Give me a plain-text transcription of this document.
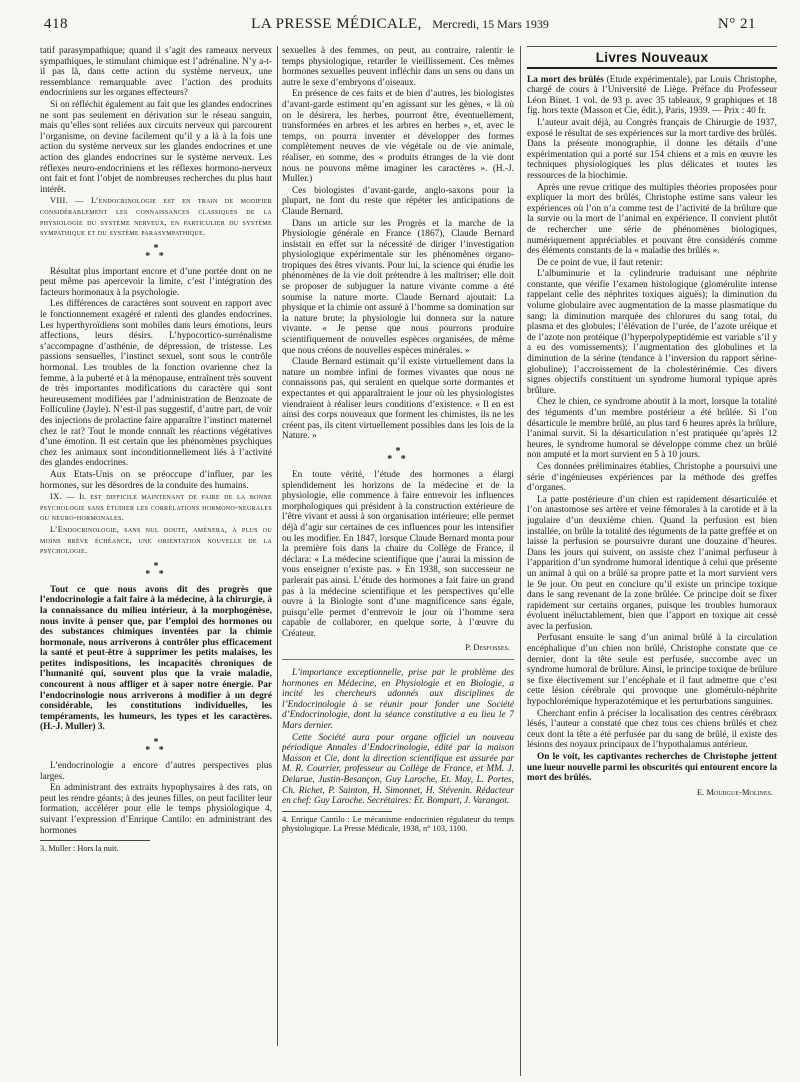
418	LA PRESSE MÉDICALE, Mercredi, 15 Mars 1939	N° 21

tatif parasympathique; quand il s’agit des rameaux nerveux sympathiques, le stimulant chimique est l’adrénaline. N’y a-t-il pas là, dans cette action du système nerveux, une ressemblance remarquable avec l’action des produits endocriniens sur les organes effecteurs?

Si on réfléchit également au fait que les glandes endocrines ne sont pas seulement en dérivation sur le réseau sanguin, mais qu’elles sont reliées aux circuits nerveux qui parcourent l’organisme, on devine facilement qu’il y a là à la fois une action du système nerveux sur les glandes endocrines et une action des glandes endocrines sur le système nerveux. Les réflexes neuro-endocriniens et les réflexes hormono-nerveux ont fait et font l’objet de nombreuses recherches du plus haut intérêt.

VIII. — L’endocrinologie est en train de modifier considérablement les connaissances classiques de la physiologie du système nerveux, en particulier du système sympathique et du système parasympathique.

*
* *

Résultat plus important encore et d’une portée dont on ne peut même pas apercevoir la limite, c’est l’intégration des facteurs hormonaux à la psychologie.

Les différences de caractères sont souvent en rapport avec le fonctionnement exagéré et ralenti des glandes endocrines. Les hyperthyroïdiens sont mobiles dans leurs émotions, leurs affections, leurs désirs. L’hypocortico-surrénalisme s’accompagne d’asthénie, de dépression, de tristesse. Les passions sensuelles, l’instinct sexuel, sont sous le contrôle hormonal. Les troubles de la fonction ovarienne chez la femme, à la puberté et à la ménopause, entraînent très souvent de très importantes modifications du caractère qui sont heureusement modifiées par l’administration de Benzoate de Folliculine (Jayle). N’est-il pas suggestif, d’autre part, de voir des injections de prolactine faire apparaître l’instinct maternel chez le rat? Tout le monde connaît les réactions végétatives d’une émotion. Il est certain que les phénomènes psychiques chez les animaux sont inconditionnellement liés à l’activité des glandes endocrines.

Aux Etats-Unis on se préoccupe d’influer, par les hormones, sur les désordres de la conduite des humains.

IX. — Il est difficile maintenant de faire de la bonne psychologie sans étudier les corrélations hormono-neurales ou neuro-hormonales.

L’Endocrinologie, sans nul doute, amènera, à plus ou moins brève échéance, une orientation nouvelle de la psychologie.

*
* *

Tout ce que nous avons dit des progrès que l’endocrinologie a fait faire à la médecine, à la chirurgie, à la connaissance du milieu intérieur, à la morphogénèse, nous invite à penser que, par l’emploi des hormones ou des substances chimiques inventées par la chimie hormonale, nous arriverons à contrôler plus efficacement la santé et peut-être à supprimer les petits malaises, les petites indispositions, les incapacités chroniques de l’humanité qui, souvent plus que la vraie maladie, concourent à nous affliger et à saper notre énergie. Par l’endocrinologie nous arriverons à modifier à un degré considérable, les constitutions individuelles, les tempéraments, les humeurs, les types et les caractères. (H.-J. Muller) 3.

*
* *

L’endocrinologie a encore d’autres perspectives plus larges.

En administrant des extraits hypophysaires à des rats, on peut les rendre géants; à des jeunes filles, on peut faciliter leur formation, accélérer pour elle le temps physiologique 4, suivant l’expression d’Enrique Cantilo: en administrant des hormones

3. Muller : Hors la nuit.

sexuelles à des femmes, on peut, au contraire, ralentir le temps physiologique, retarder le vieillissement. Ces mêmes hormones sexuelles peuvent infléchir dans un sens ou dans un autre le sexe d’embryons d’oiseaux.

En présence de ces faits et de bien d’autres, les biologistes d’avant-garde estiment qu’en agissant sur les gènes, « là où on le désirera, les herbes, pourront être, éventuellement, transformées en arbres et les arbres en herbes », et, avec le temps, on pourra inventer et développer des formes complètement neuves de vie végétale ou de vie animale, réaliser, en somme, des « produits étranges de la vie dont nous ne pouvons même imaginer les caractères ». (H.-J. Muller.)

Ces biologistes d’avant-garde, anglo-saxons pour la plupart, ne font du reste que répéter les anticipations de Claude Bernard.

Dans un article sur les Progrès et la marche de la Physiologie générale en France (1867), Claude Bernard insistait en effet sur la nécessité de diriger l’investigation physiologique expérimentale sur les phénomènes organo-tropiques des êtres vivants. Pour lui, la science qui étudie les phénomènes de la vie doit prétendre à les maîtriser; elle doit se proposer de subjuguer la nature vivante comme a été soumise la nature morte. Claude Bernard ajoutait: La physique et la chimie ont assuré à l’homme sa domination sur la nature brute; la physiologie lui donnera sur la nature vivante. « Je pense que nous pourrons produire scientifiquement de nouvelles espèces organisées, de même que nous créons de nouvelles espèces minérales. »

Claude Bernard estimait qu’il existe virtuellement dans la nature un nombre infini de formes vivantes que nous ne connaissons pas, qui seraient en quelque sorte dormantes et expectantes et qui apparaîtraient le jour où les physiologistes viendraient à réaliser leurs conditions d’existence. « Il en est ainsi des corps nouveaux que forment les chimistes, ils ne les créent pas, ils citent virtuellement possibles dans les lois de la Nature. »

*
* *

En toute vérité, l’étude des hormones a élargi splendidement les horizons de la médecine et de la physiologie, elle commence à faire entrevoir les influences morphologiques qui président à la construction extérieure de l’être vivant et aussi à son organisation intérieure; elle permet déjà d’agir sur certaines de ces influences pour les intensifier ou les modifier. En 1847, lorsque Claude Bernard monta pour la première fois dans la chaire du Collège de France, il déclara: « La médecine scientifique que j’aurai la mission de vous enseigner n’existe pas. » En 1938, son successeur ne parlerait pas ainsi. L’étude des hormones a fait faire un grand pas à la médecine scientifique et les perspectives qu’elle ouvre à la Biologie sont d’une magnificence sans égale, puisqu’elle permet d’entrevoir le jour où l’homme sera capable de collaborer, en quelque sorte, à l’œuvre du Créateur.

P. Desfosses.

L’importance exceptionnelle, prise par le problème des hormones en Médecine, en Physiologie et en Biologie, a incité les chercheurs adonnés aux disciplines de l’Endocrinologie à se réunir pour fonder une Société d’Endocrinologie, dont la séance constitutive a eu lieu le 7 Mars dernier.

Cette Société aura pour organe officiel un nouveau périodique Annales d’Endocrinologie, édité par la maison Masson et Cie, dont la direction scientifique est assurée par M. R. Courrier, professeur au Collège de France, et MM. J. Delarue, Justin-Besançon, Guy Laroche, Et. May, L. Portes, Ch. Richet, P. Sainton, H. Simonnet, H. Stévenin. Rédacteur en chef: Guy Laroche. Secrétaires: Et. Bompart, J. Varangot.

4. Enrique Cantilo : Le mécanisme endocrinien régulateur du temps physiologique. La Presse Médicale, 1938, n° 103, 1100.

Livres Nouveaux

La mort des brûlés (Etude expérimentale), par Louis Christophe, chargé de cours à l’Université de Liège. Préface du Professeur Léon Binet. 1 vol. de 93 p. avec 35 tableaux, 9 graphiques et 18 fig. hors texte (Masson et Cie, édit.), Paris, 1939. — Prix : 40 fr.

L’auteur avait déjà, au Congrès français de Chirurgie de 1937, exposé le résultat de ses expériences sur la mort tardive des brûlés. Dans la présente monographie, il donne les détails d’une expérimentation qui a porté sur 154 chiens et a mis en œuvre les techniques physiologiques les plus délicates et toutes les ressources de la biochimie.

Après une revue critique des multiples théories proposées pour expliquer la mort des brûlés, Christophe estime sans valeur les expériences où l’on n’a comme test de l’activité de la brûlure que la survie ou la mort de l’animal en expérience. Il convient plutôt de rechercher une série de phénomènes biologiques, numériquement appréciables et pouvant être considérés comme des éléments constants de la « maladie des brûlés ».

De ce point de vue, il faut retenir:

L’albuminurie et la cylindrurie traduisant une néphrite constante, que vérifie l’examen histologique (glomérulite intense rappelant celle des néphrites toxiques aiguës); la diminution du volume globulaire avec augmentation de la masse plasmatique du sang; la diminution marquée des chlorures du sang total, du plasma et des globules; l’élévation de l’urée, de l’azote uréique et de l’azote non protéique (l’hyperpolypeptidémie est variable s’il y a eu des vomissements); l’augmentation des globulines et la diminution de la sérine (tendance à l’inversion du rapport sérine-globuline); l’accroissement de la cholestérinémie. Ces divers signes objectifs constituent un syndrome humoral typique après brûlure.

Chez le chien, ce syndrome aboutit à la mort, lorsque la totalité des téguments d’un membre postérieur a été brûlée. Si l’on désarticule le membre brûlé, au plus tard 6 heures après la brûlure, l’animal survit. Si la désarticulation n’est pratiquée qu’après 12 heures, le syndrome humoral se développe comme chez un brûlé non amputé et la mort survient en 5 à 10 jours.

Ces données préliminaires établies, Christophe a poursuivi une série d’ingénieuses expériences par la méthode des greffes d’organes.

La patte postérieure d’un chien est rapidement désarticulée et l’on anastomose ses artère et veine fémorales à la carotide et à la jugulaire d’un deuxième chien. Quand la perfusion est bien installée, on brûle la totalité des téguments de la patte greffée et on laisse la perfusion se poursuivre durant une douzaine d’heures. Dans les jours qui suivent, on assiste chez l’animal perfuseur à l’apparition d’un syndrome humoral identique à celui que présente un animal à qui on a brûlé sa propre patte et la mort survient vers le 9e jour. On peut en conclure qu’il existe un principe toxique dans le sang revenant de la zone brûlée. Ce principe doit se fixer rapidement sur certains organes, puisque les troubles humoraux évoluent inéluctablement, bien que l’apport en toxique ait cessé avec la perfusion.

Perfusant ensuite le sang d’un animal brûlé à la circulation encéphalique d’un chien non brûlé, Christophe constate que ce dernier, dont la tête seule est perfusée, succombe avec un syndrome humoral de brûlure. Ainsi, le principe toxique de brûlure se fixe électivement sur l’encéphale et il faut admettre que c’est cette lésion cérébrale qui provoque une glomérulo-néphrite hypochlorémique hyperazotémique et les perturbations sanguines.

Cherchant enfin à préciser la localisation des centres cérébraux lésés, l’auteur a constaté que chez tous ces chiens brûlés et chez ceux dont la tête a été perfusée par du sang de brûlé, il existe des lésions des noyaux principaux de l’hypothalamus antérieur.

On le voit, les captivantes recherches de Christophe jettent une lueur nouvelle parmi les obscurités qui entourent encore la mort des brûlés.

E. Mourgue-Molines.
